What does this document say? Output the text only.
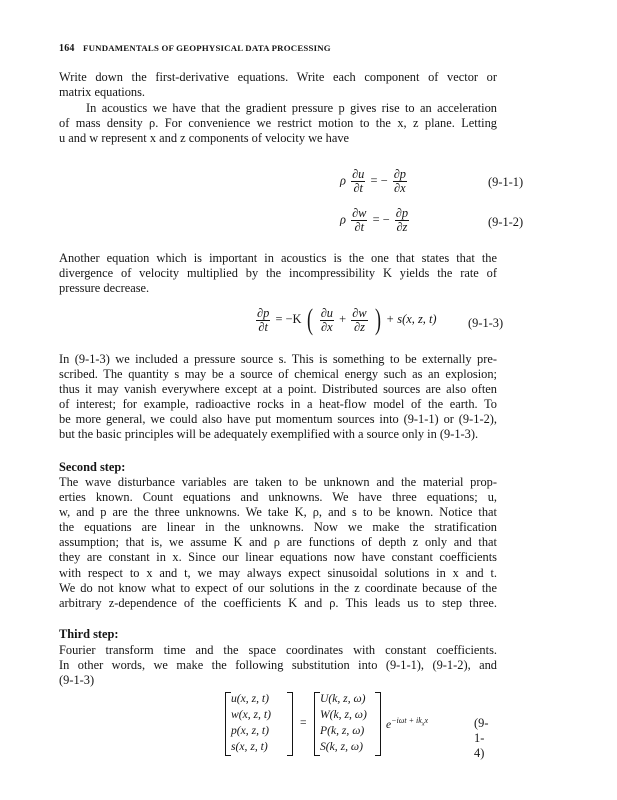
164 FUNDAMENTALS OF GEOPHYSICAL DATA PROCESSING
Write down the first-derivative equations. Write each component of vector or
matrix equations.
In acoustics we have that the gradient pressure p gives rise to an acceleration
of mass density ρ. For convenience we restrict motion to the x, z plane. Letting
u and w represent x and z components of velocity we have
ρ $\frac{\partial u}{\partial t}$ = − $\frac{\partial p}{\partial x}$	(9-1-1)
ρ $\frac{\partial w}{\partial t}$ = − $\frac{\partial p}{\partial z}$	(9-1-2)
Another equation which is important in acoustics is the one that states that the
divergence of velocity multiplied by the incompressibility K yields the rate of
pressure decrease.
$\frac{\partial p}{\partial t} = -K$ ( $\frac{\partial u}{\partial x} + \frac{\partial w}{\partial z}$ ) + s(x, z, t)	(9-1-3)
In (9-1-3) we included a pressure source s. This is something to be externally pre-
scribed. The quantity s may be a source of chemical energy such as an explosion;
thus it may vanish everywhere except at a point. Distributed sources are also often
of interest; for example, radioactive rocks in a heat-flow model of the earth. To
be more general, we could also have put momentum sources into (9-1-1) or (9-1-2),
but the basic principles will be adequately exemplified with a source only in (9-1-3).
Second step:
The wave disturbance variables are taken to be unknown and the material prop-
erties known. Count equations and unknowns. We have three equations; u,
w, and p are the three unknowns. We take K, ρ, and s to be known. Notice that
the equations are linear in the unknowns. Now we make the stratification
assumption; that is, we assume K and ρ are functions of depth z only and that
they are constant in x. Since our linear equations now have constant coefficients
with respect to x and t, we may always expect sinusoidal solutions in x and t.
We do not know what to expect of our solutions in the z coordinate because of the
arbitrary z-dependence of the coefficients K and ρ. This leads us to step three.
Third step:
Fourier transform time and the space coordinates with constant coefficients.
In other words, we make the following substitution into (9-1-1), (9-1-2), and
(9-1-3)
u(x, z, t)
w(x, z, t)
p(x, z, t)
s(x, z, t)
=
U(k, z, ω)
W(k, z, ω)
P(k, z, ω)
S(k, z, ω)
$e^{-i\omega t + ik_xx}$	(9-1-4)
